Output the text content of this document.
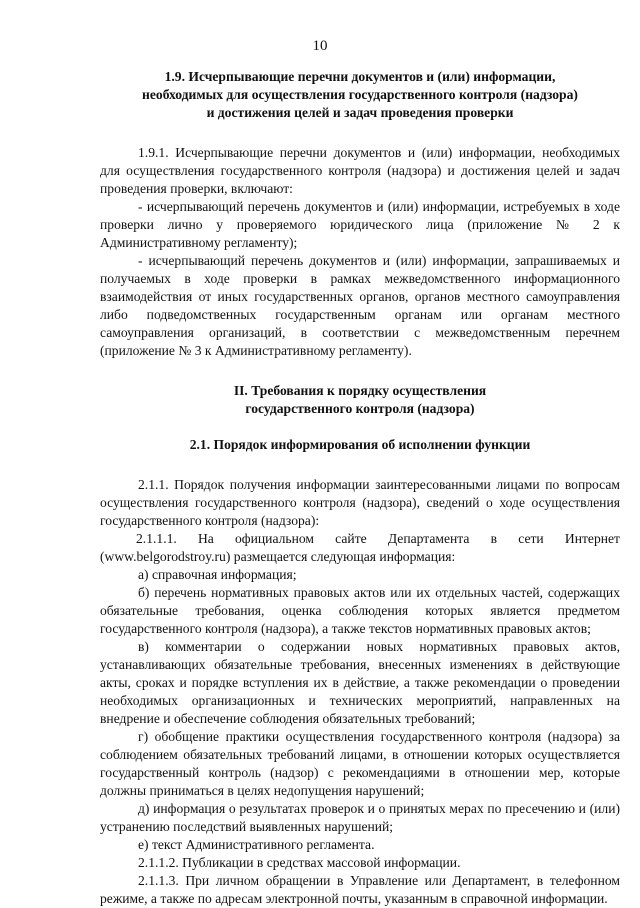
10
1.9. Исчерпывающие перечни документов и (или) информации,
необходимых для осуществления государственного контроля (надзора)
и достижения целей и задач проведения проверки

1.9.1. Исчерпывающие перечни документов и (или) информации, необходимых для осуществления государственного контроля (надзора) и достижения целей и задач проведения проверки, включают:

- исчерпывающий перечень документов и (или) информации, истребуемых в ходе проверки лично у проверяемого юридического лица (приложение № 2 к Административному регламенту);

- исчерпывающий перечень документов и (или) информации, запрашиваемых и получаемых в ходе проверки в рамках межведомственного информационного взаимодействия от иных государственных органов, органов местного самоуправления либо подведомственных государственным органам или органам местного самоуправления организаций, в соответствии с межведомственным перечнем (приложение № 3 к Административному регламенту).

II. Требования к порядку осуществления
государственного контроля (надзора)
2.1. Порядок информирования об исполнении функции

2.1.1. Порядок получения информации заинтересованными лицами по вопросам осуществления государственного контроля (надзора), сведений о ходе осуществления государственного контроля (надзора):

2.1.1.1. На официальном сайте Департамента в сети Интернет (www.belgorodstroy.ru) размещается следующая информация:

а) справочная информация;

б) перечень нормативных правовых актов или их отдельных частей, содержащих обязательные требования, оценка соблюдения которых является предметом государственного контроля (надзора), а также текстов нормативных правовых актов;

в) комментарии о содержании новых нормативных правовых актов, устанавливающих обязательные требования, внесенных изменениях в действующие акты, сроках и порядке вступления их в действие, а также рекомендации о проведении необходимых организационных и технических мероприятий, направленных на внедрение и обеспечение соблюдения обязательных требований;

г) обобщение практики осуществления государственного контроля (надзора) за соблюдением обязательных требований лицами, в отношении которых осуществляется государственный контроль (надзор) с рекомендациями в отношении мер, которые должны приниматься в целях недопущения нарушений;

д) информация о результатах проверок и о принятых мерах по пресечению и (или) устранению последствий выявленных нарушений;

е) текст Административного регламента.

2.1.1.2. Публикации в средствах массовой информации.

2.1.1.3. При личном обращении в Управление или Департамент, в телефонном режиме, а также по адресам электронной почты, указанным в справочной информации.
